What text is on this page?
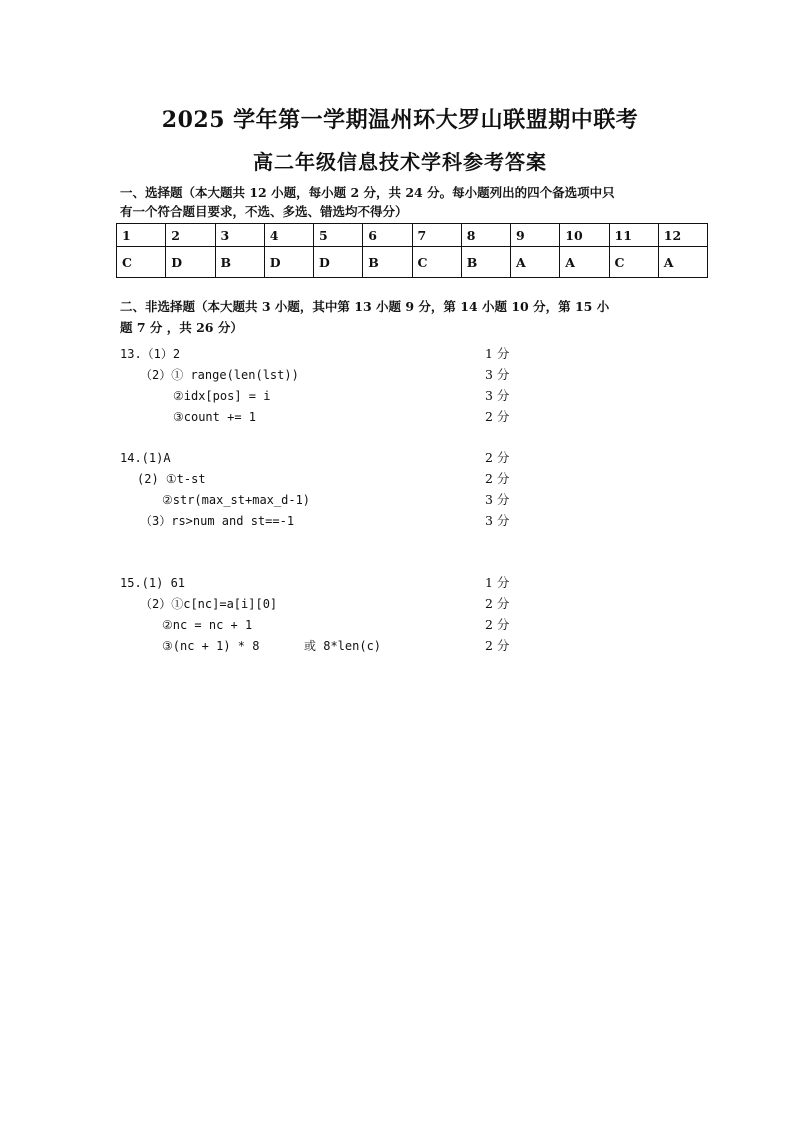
2025 学年第一学期温州环大罗山联盟期中联考
高二年级信息技术学科参考答案
一、选择题（本大题共 12 小题，每小题 2 分，共 24 分。每小题列出的四个备选项中只
有一个符合题目要求，不选、多选、错选均不得分）
1	2	3	4	5	6	7	8	9	10	11	12
C	D	B	D	D	B	C	B	A	A	C	A
二、非选择题（本大题共 3 小题，其中第 13 小题 9 分，第 14 小题 10 分，第 15 小
题 7 分 ，共 26 分）
13.（1）2	1 分
（2）① range(len(lst))	3 分
②idx[pos] = i	3 分
③count += 1	2 分
14.(1)A	2 分
(2) ①t-st	2 分
②str(max_st+max_d-1)	3 分
（3）rs>num and st==-1	3 分
15.(1) 61	1 分
（2）①c[nc]=a[i][0]	2 分
②nc = nc + 1	2 分
③(nc + 1) * 8	或 8*len(c)	2 分
